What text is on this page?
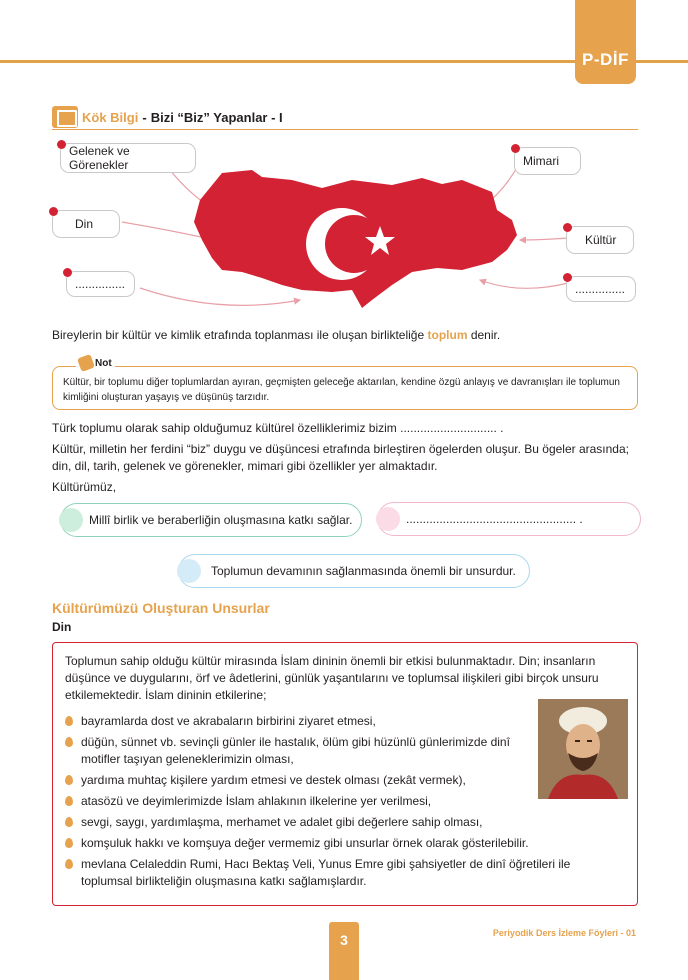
P-DİF
Kök Bilgi - Bizi “Biz” Yapanlar - I
Gelenek ve Görenekler	Mimari
Din
Kültür
...............	...............

Bireylerin bir kültür ve kimlik etrafında toplanması ile oluşan birlikteliğe toplum denir.

Kültür, bir toplumu diğer toplumlardan ayıran, geçmişten geleceğe aktarılan, kendine özgü anlayış ve davranışları ile toplumun kimliğini oluşturan yaşayış ve düşünüş tarzıdır.
Not

Türk toplumu olarak sahip olduğumuz kültürel özelliklerimiz bizim ............................. .

Kültür, milletin her ferdini “biz” duygu ve düşüncesi etrafında birleştiren ögelerden oluşur. Bu ögeler arasında; din, dil, tarih, gelenek ve görenekler, mimari gibi özellikler yer almaktadır.

Kültürümüz,

Millî birlik ve beraberliğin oluşmasına katkı sağlar.	................................................... .
Toplumun devamının sağlanmasında önemli bir unsurdur.
Kültürümüzü Oluşturan Unsurlar
Din

Toplumun sahip olduğu kültür mirasında İslam dininin önemli bir etkisi bulunmaktadır. Din; insanların düşünce ve duygularını, örf ve âdetlerini, günlük yaşantılarını ve toplumsal ilişkileri gibi birçok unsuru etkilemektedir. İslam dininin etkilerine;

bayramlarda dost ve akrabaların birbirini ziyaret etmesi,
düğün, sünnet vb. sevinçli günler ile hastalık, ölüm gibi hüzünlü günlerimizde dinî motifler taşıyan geleneklerimizin olması,
yardıma muhtaç kişilere yardım etmesi ve destek olması (zekât vermek),
atasözü ve deyimlerimizde İslam ahlakının ilkelerine yer verilmesi,
sevgi, saygı, yardımlaşma, merhamet ve adalet gibi değerlere sahip olması,
komşuluk hakkı ve komşuya değer vermemiz gibi unsurlar örnek olarak gösterilebilir.
mevlana Celaleddin Rumi, Hacı Bektaş Veli, Yunus Emre gibi şahsiyetler de dinî öğretileri ile toplumsal birlikteliğin oluşmasına katkı sağlamışlardır.
3	Periyodik Ders İzleme Föyleri - 01
